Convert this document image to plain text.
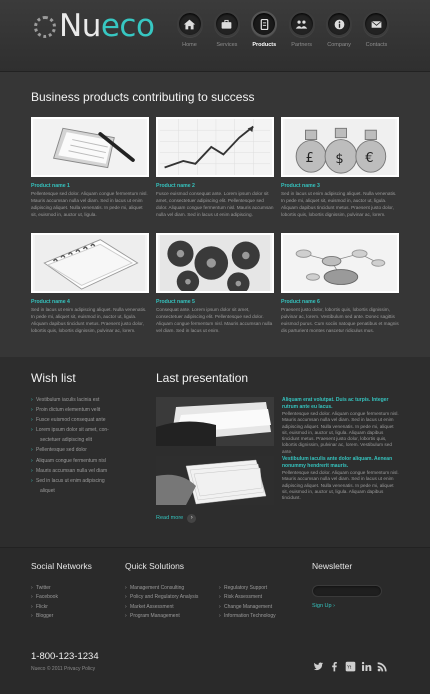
Nueco
Home	Services	Products	Partners	Company	Contacts
Business products contributing to success
Product name 1
Pellentesque sed dolor. Aliquam congue fermentum nisl. Mauris accumsan nulla vel diam. Sed in lacus ut enim adipiscing aliquet. Nulla venenatis. In pede mi, aliquet sit, euismod in, auctor ut, ligula.
Product name 2
Fusce euismod consequat ante. Lorem ipsum dolor sit amet, consectetuer adipiscing elit. Pellentesque sed dolor. Aliquam congue fermentum nisl. Mauris accumsan nulla vel diam. Sed in lacus ut enim adipiscing.
£ $ €
Product name 3
Sed in lacus ut enim adipiscing aliquet. Nulla venenatis. In pede mi, aliquet sit, euismod in, auctor ut, ligula. Aliquam dapibus tincidunt metus. Praesent justo dolor, lobortis quis, lobortis dignissim, pulvinar ac, lorem.
Product name 4
Sed in lacus ut enim adipiscing aliquet. Nulla venenatis. In pede mi, aliquet sit, euismod in, auctor ut, ligula. Aliquam dapibus tincidunt metus. Praesent justo dolor, lobortis quis, lobortis dignissim, pulvinar ac, lorem.
Product name 5
Consequat ante. Lorem ipsum dolor sit amet, consectetuer adipiscing elit. Pellentesque sed dolor. Aliquam congue fermentum nisl. Mauris accumsan nulla vel diam. Sed in lacus ut enim.
Product name 6
Praesent justo dolor, lobortis quis, lobortis dignissim, pulvinar ac, lorem. Vestibulum sed ante. Donec sagittis euismod purus. Cum sociis natoque penatibus et magnis dis parturient montes nascetur ridiculus mus.
Wish list
› Vestibulum iaculis lacinia est
› Proin dictum elementum velit
› Fusce euismod consequat ante
› Lorem ipsum dolor sit amet, con-
sectetuer adipiscing elit
› Pellentesque sed dolor
› Aliquam congue fermentum nisl
› Mauris accumsan nulla vel diam
› Sed in lacus ut enim adipiscing
aliquet
Last presentation
Aliquam erat volutpat. Duis ac turpis. Integer rutrum ante eu lacus.
Pellentesque sed dolor. Aliquam congue fermentum nisl. Mauris accumsan nulla vel diam. Sed in lacus ut enim adipiscing aliquet. Nulla venenatis. In pede mi, aliquet sit, euismod in, auctor ut, ligula. Aliquam dapibus tincidunt metus. Praesent justo dolor, lobortis quis, lobortis dignissim, pulvinar ac, lorem. Vestibulum sed ante.
Vestibulum iaculis ante dolor aliquam. Aenean nonummy hendrerit mauris.
Pellentesque sed dolor. Aliquam congue fermentum nisl. Mauris accumsan nulla vel diam. Sed in lacus ut enim adipiscing aliquet. Nulla venenatis. In pede mi, aliquet sit, euismod in, auctor ut, ligula. Aliquam dapibus tincidunt.
Read more ›
Social Networks
› Twitter
› Facebook
› Flickr
› Blogger
Quick Solutions
› Management Consulting
› Policy and Regulatory Analysis
› Market Assessment
› Program Management
› Regulatory Support
› Risk Assessment
› Change Management
› Information Technology
Newsletter
Sign Up ›
1-800-123-1234
Nueco © 2011 Privacy Policy	Yt
